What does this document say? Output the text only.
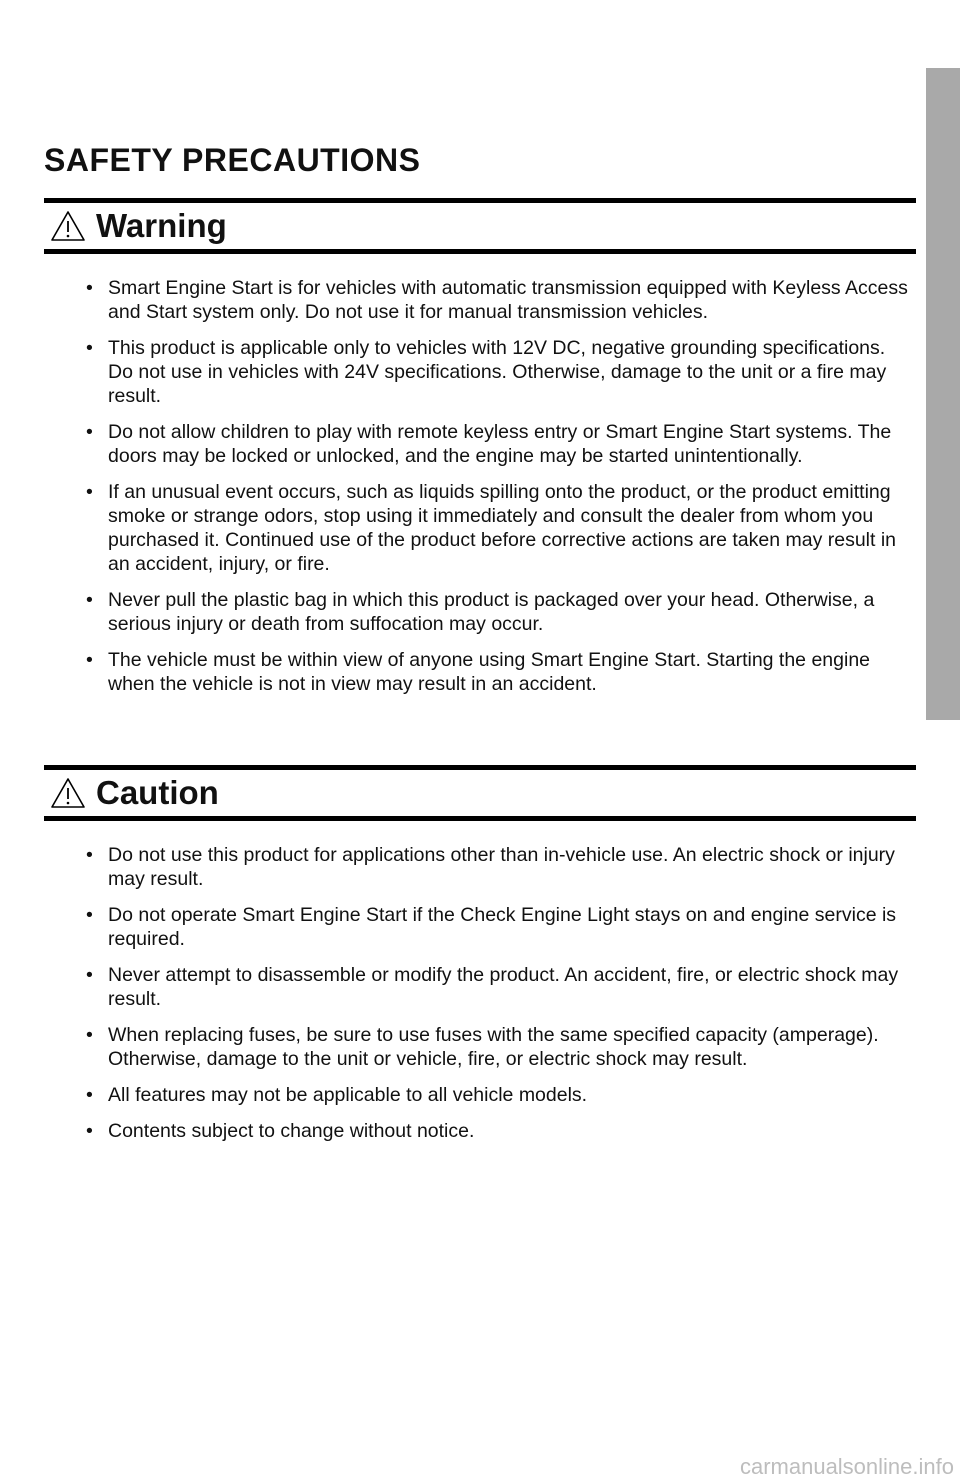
SAFETY PRECAUTIONS
Warning
• Smart Engine Start is for vehicles with automatic transmission equipped with Keyless Access and Start system only. Do not use it for manual transmission vehicles.
• This product is applicable only to vehicles with 12V DC, negative grounding specifications. Do not use in vehicles with 24V specifications. Otherwise, damage to the unit or a fire may result.
• Do not allow children to play with remote keyless entry or Smart Engine Start systems. The doors may be locked or unlocked, and the engine may be started unintentionally.
• If an unusual event occurs, such as liquids spilling onto the product, or the product emitting smoke or strange odors, stop using it immediately and consult the dealer from whom you purchased it. Continued use of the product before corrective actions are taken may result in an accident, injury, or fire.
• Never pull the plastic bag in which this product is packaged over your head. Otherwise, a serious injury or death from suffocation may occur.
• The vehicle must be within view of anyone using Smart Engine Start. Starting the engine when the vehicle is not in view may result in an accident.
Caution
• Do not use this product for applications other than in-vehicle use. An electric shock or injury may result.
• Do not operate Smart Engine Start if the Check Engine Light stays on and engine service is required.
• Never attempt to disassemble or modify the product. An accident, fire, or electric shock may result.
• When replacing fuses, be sure to use fuses with the same specified capacity (amperage). Otherwise, damage to the unit or vehicle, fire, or electric shock may result.
• All features may not be applicable to all vehicle models.
• Contents subject to change without notice.
carmanualsonline.info
